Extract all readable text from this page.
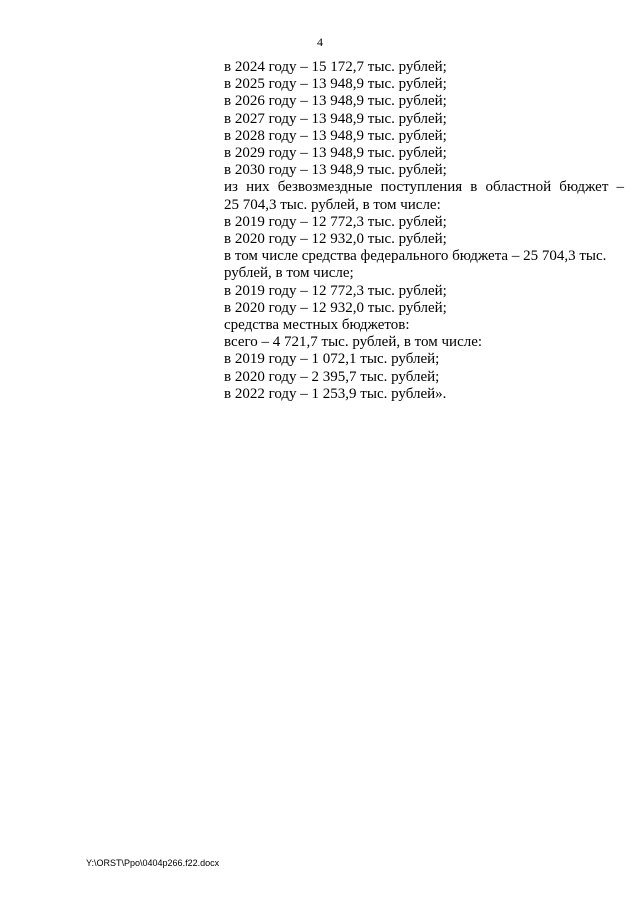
4
в 2024 году – 15 172,7 тыс. рублей;
в 2025 году – 13 948,9 тыс. рублей;
в 2026 году – 13 948,9 тыс. рублей;
в 2027 году – 13 948,9 тыс. рублей;
в 2028 году – 13 948,9 тыс. рублей;
в 2029 году – 13 948,9 тыс. рублей;
в 2030 году – 13 948,9 тыс. рублей;
из них безвозмездные поступления в областной бюджет –
25 704,3 тыс. рублей, в том числе:
в 2019 году – 12 772,3 тыс. рублей;
в 2020 году – 12 932,0 тыс. рублей;
в том числе средства федерального бюджета – 25 704,3 тыс.
рублей, в том числе;
в 2019 году – 12 772,3 тыс. рублей;
в 2020 году – 12 932,0 тыс. рублей;
средства местных бюджетов:
всего – 4 721,7 тыс. рублей, в том числе:
в 2019 году – 1 072,1 тыс. рублей;
в 2020 году – 2 395,7 тыс. рублей;
в 2022 году – 1 253,9 тыс. рублей».
Y:\ORST\Ppo\0404p266.f22.docx
